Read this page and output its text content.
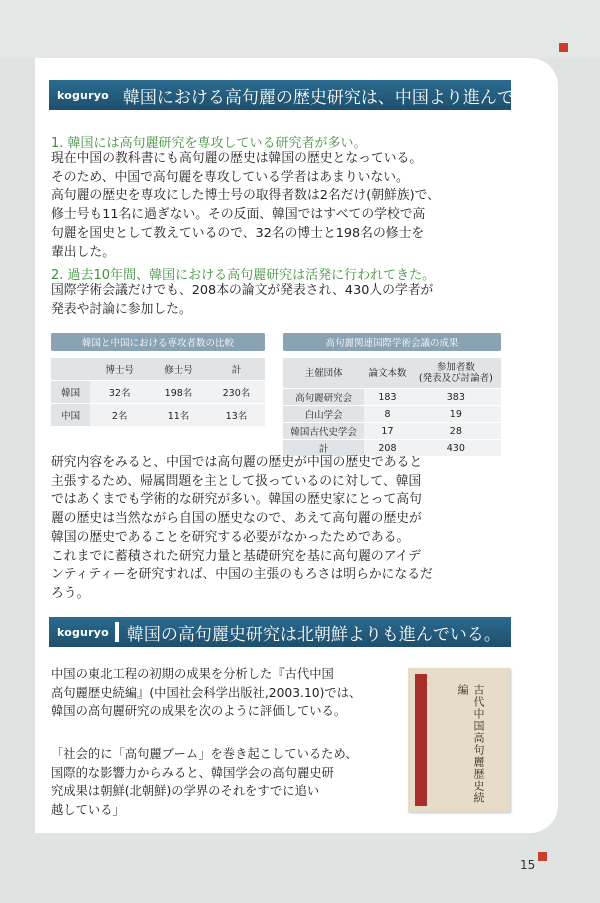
15
koguryo 韓国における高句麗の歴史研究は、中国より進んでいる。
1. 韓国には高句麗研究を専攻している研究者が多い。

現在中国の教科書にも高句麗の歴史は韓国の歴史となっている。

そのため、中国で高句麗を専攻している学者はあまりいない。

高句麗の歴史を専攻にした博士号の取得者数は2名だけ(朝鮮族)で、

修士号も11名に過ぎない。その反面、韓国ではすべての学校で高

句麗を国史として教えているので、32名の博士と198名の修士を

輩出した。

2. 過去10年間、韓国における高句麗研究は活発に行われてきた。

国際学術会議だけでも、208本の論文が発表され、430人の学者が

発表や討論に参加した。

韓国と中国における専攻者数の比較
	博士号	修士号	計
韓国	32名	198名	230名
中国	2名	11名	13名
高句麗関連国際学術会議の成果
主催団体	論文本数	参加者数
(発表及び討論者)
高句麗研究会	183	383
白山学会	8	19
韓国古代史学会	17	28
計	208	430

研究内容をみると、中国では高句麗の歴史が中国の歴史であると

主張するため、帰属問題を主として扱っているのに対して、韓国

ではあくまでも学術的な研究が多い。韓国の歴史家にとって高句

麗の歴史は当然ながら自国の歴史なので、あえて高句麗の歴史が

韓国の歴史であることを研究する必要がなかったためである。

これまでに蓄積された研究力量と基礎研究を基に高句麗のアイデ

ンティティーを研究すれば、中国の主張のもろさは明らかになるだ

ろう。

koguryo	韓国の高句麗史研究は北朝鮮よりも進んでいる。

中国の東北工程の初期の成果を分析した『古代中国

高句麗歴史続編』(中国社会科学出版社,2003.10)では、

韓国の高句麗研究の成果を次のように評価している。

「社会的に「高句麗ブーム」を巻き起こしているため、

国際的な影響力からみると、韓国学会の高句麗史研

究成果は朝鮮(北朝鮮)の学界のそれをすでに追い

越している」

古代中国高句麗歴史続編
